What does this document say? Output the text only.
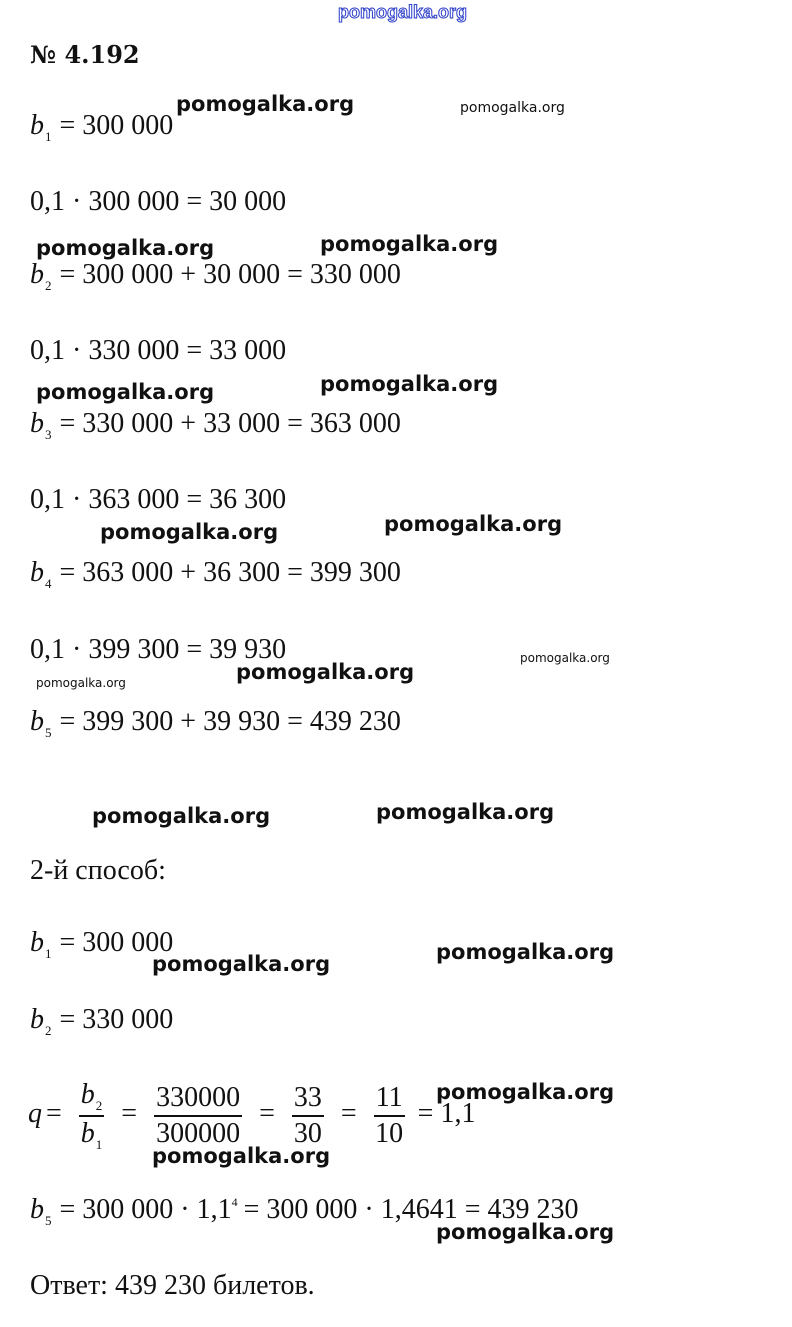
pomogalka.org
№ 4.192
$b_1 = 300$ 000
0,1 · 300 000 = 30 000
$b_2 = 300$ 000 + 30 000 = 330 000
0,1 · 330 000 = 33 000
$b_3 = 330$ 000 + 33 000 = 363 000
0,1 · 363 000 = 36 300
$b_4 = 363$ 000 + 36 300 = 399 300
0,1 · 399 300 = 39 930
$b_5 = 399$ 300 + 39 930 = 439 230
2-й способ:
$b_1 = 300$ 000
$b_2 = 330$ 000
$q = \frac{b_2}{b_1} = \frac{330000}{300000} = \frac{33}{30} = \frac{11}{10} = 1,1$
$b_5 = 300$ $000 \cdot 1,1^4 = 300$ 000 · 1,4641 = 439 230
Ответ: 439 230 билетов.
pomogalka.org	pomogalka.org
pomogalka.org	pomogalka.org
pomogalka.org	pomogalka.org
pomogalka.org	pomogalka.org
pomogalka.org
pomogalka.org
pomogalka.org
pomogalka.org	pomogalka.org
pomogalka.org
pomogalka.org
pomogalka.org
pomogalka.org
pomogalka.org
